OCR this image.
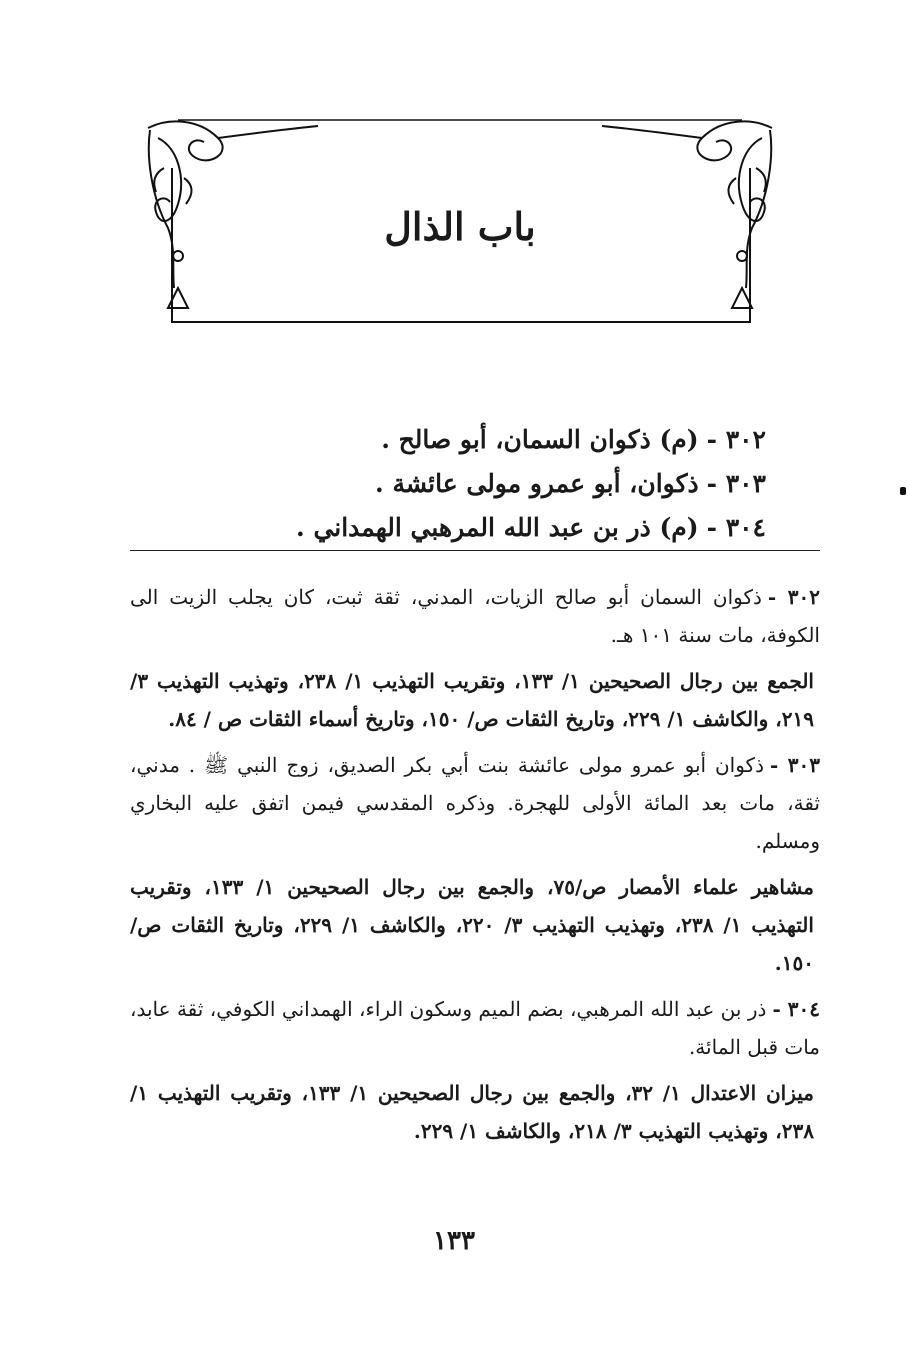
باب الذال
٣٠٢ -(م) ذكوان السمان، أبو صالح .
٣٠٣ -ذكوان، أبو عمرو مولى عائشة .
٣٠٤ -(م) ذر بن عبد الله المرهبي الهمداني .
٣٠٢ -ذكوان السمان أبو صالح الزيات، المدني، ثقة ثبت، كان يجلب الزيت الى الكوفة، مات سنة ١٠١ هـ.
الجمع بين رجال الصحيحين ١/ ١٣٣، وتقريب التهذيب ١/ ٢٣٨، وتهذيب التهذيب ٣/ ٢١٩، والكاشف ١/ ٢٢٩، وتاريخ الثقات ص/ ١٥٠، وتاريخ أسماء الثقات ص / ٨٤.
٣٠٣ -ذكوان أبو عمرو مولى عائشة بنت أبي بكر الصديق، زوج النبي ﷺ . مدني، ثقة، مات بعد المائة الأولى للهجرة. وذكره المقدسي فيمن اتفق عليه البخاري ومسلم.
مشاهير علماء الأمصار ص/٧٥، والجمع بين رجال الصحيحين ١/ ١٣٣، وتقريب التهذيب ١/ ٢٣٨، وتهذيب التهذيب ٣/ ٢٢٠، والكاشف ١/ ٢٢٩، وتاريخ الثقات ص/ ١٥٠.
٣٠٤ -ذر بن عبد الله المرهبي، بضم الميم وسكون الراء، الهمداني الكوفي، ثقة عابد، مات قبل المائة.
ميزان الاعتدال ١/ ٣٢، والجمع بين رجال الصحيحين ١/ ١٣٣، وتقريب التهذيب ١/ ٢٣٨، وتهذيب التهذيب ٣/ ٢١٨، والكاشف ١/ ٢٢٩.
١٣٣
